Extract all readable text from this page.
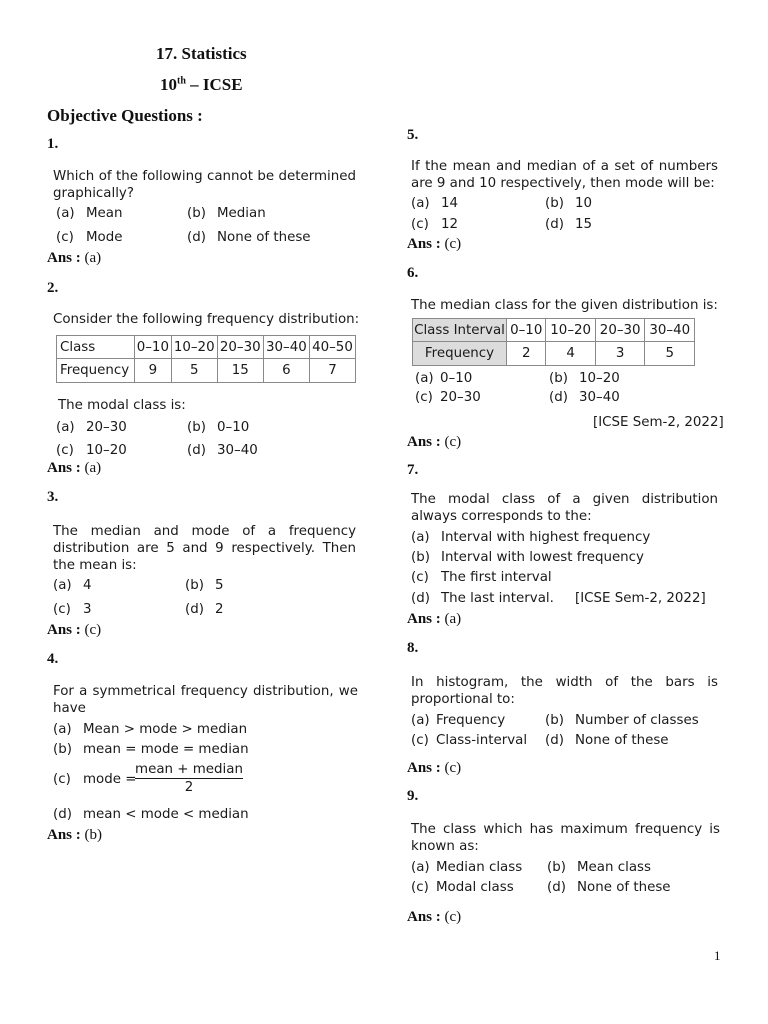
17. Statistics
10th – ICSE
Objective Questions :
1.
Which of the following cannot be determined graphically?
(a) Mean	(b) Median
(c) Mode	(d) None of these
Ans : (a)
2.
Consider the following frequency distribution:
Class	0–10	10–20	20–30	30–40	40–50
Frequency	9	5	15	6	7
The modal class is:
(a) 20–30	(b) 0–10
(c) 10–20	(d) 30–40
Ans : (a)
3.
The median and mode of a frequency distribution are 5 and 9 respectively. Then the mean is:
(a) 4	(b) 5
(c) 3	(d) 2
Ans : (c)
4.
For a symmetrical frequency distribution, we have
(a) Mean > mode > median
(b) mean = mode = median
(c) mode =
mean + median
2
(d) mean < mode < median
Ans : (b)
5.
If the mean and median of a set of numbers are 9 and 10 respectively, then mode will be:
(a) 14	(b) 10
(c) 12	(d) 15
Ans : (c)
6.
The median class for the given distribution is:
Class Interval	0–10	10–20	20–30	30–40
Frequency	2	4	3	5
(a) 0–10	(b) 10–20
(c) 20–30	(d) 30–40
[ICSE Sem-2, 2022]
Ans : (c)
7.
The modal class of a given distribution always corresponds to the:
(a) Interval with highest frequency
(b) Interval with lowest frequency
(c) The first interval
(d) The last interval. [ICSE Sem-2, 2022]
Ans : (a)
8.
In histogram, the width of the bars is proportional to:
(a) Frequency	(b) Number of classes
(c) Class-interval (d) None of these
Ans : (c)
9.
The class which has maximum frequency is known as:
(a) Median class (b) Mean class
(c) Modal class (d) None of these
Ans : (c)
1
